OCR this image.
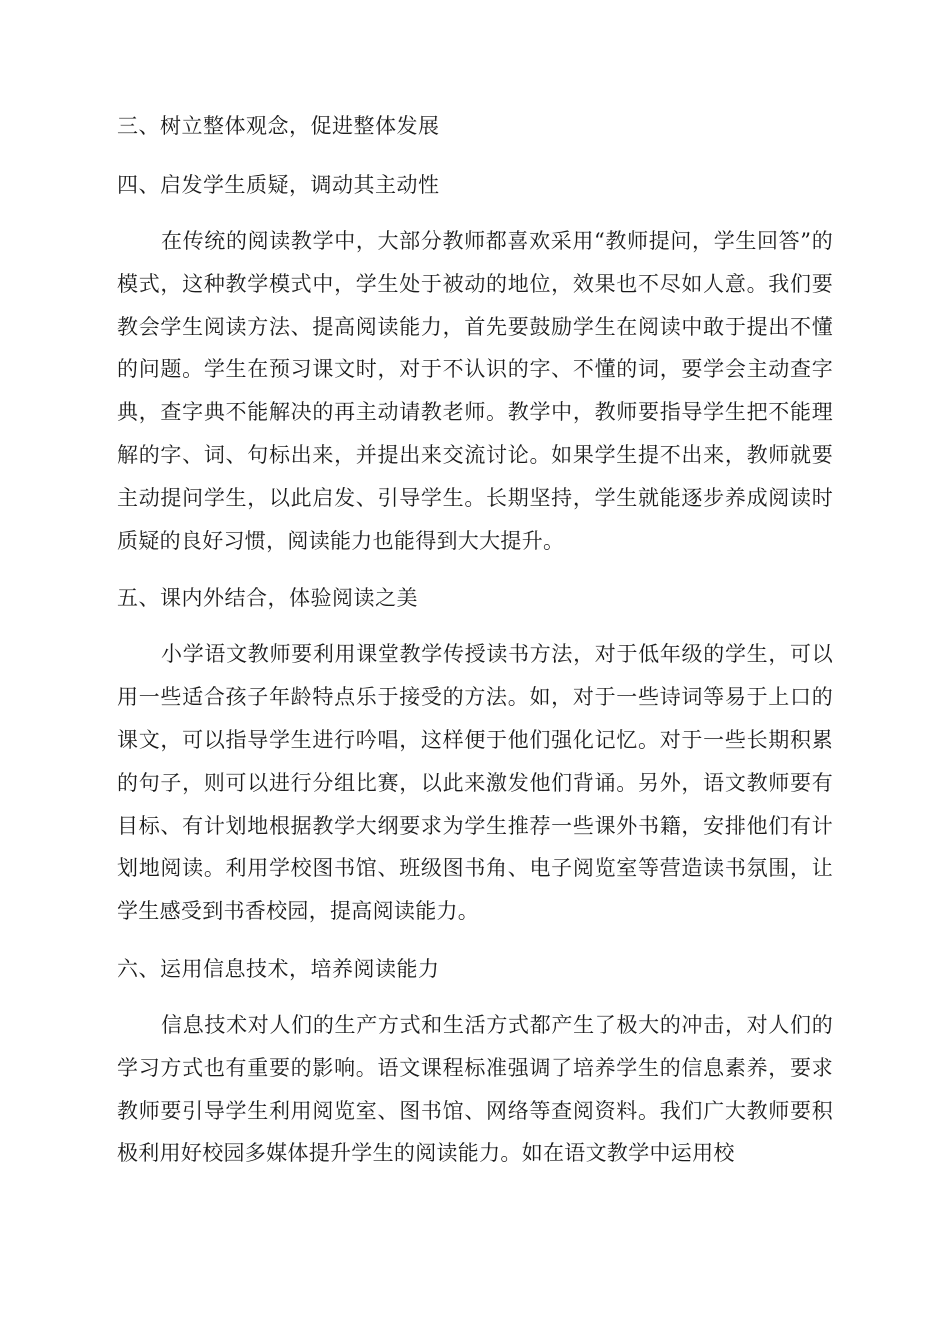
三、树立整体观念，促进整体发展

四、启发学生质疑，调动其主动性

在传统的阅读教学中，大部分教师都喜欢采用“教师提问，学生回答”的模式，这种教学模式中，学生处于被动的地位，效果也不尽如人意。我们要教会学生阅读方法、提高阅读能力，首先要鼓励学生在阅读中敢于提出不懂的问题。学生在预习课文时，对于不认识的字、不懂的词，要学会主动查字典，查字典不能解决的再主动请教老师。教学中，教师要指导学生把不能理解的字、词、句标出来，并提出来交流讨论。如果学生提不出来，教师就要主动提问学生，以此启发、引导学生。长期坚持，学生就能逐步养成阅读时质疑的良好习惯，阅读能力也能得到大大提升。

五、课内外结合，体验阅读之美

小学语文教师要利用课堂教学传授读书方法，对于低年级的学生，可以用一些适合孩子年龄特点乐于接受的方法。如，对于一些诗词等易于上口的课文，可以指导学生进行吟唱，这样便于他们强化记忆。对于一些长期积累的句子，则可以进行分组比赛，以此来激发他们背诵。另外，语文教师要有目标、有计划地根据教学大纲要求为学生推荐一些课外书籍，安排他们有计划地阅读。利用学校图书馆、班级图书角、电子阅览室等营造读书氛围，让学生感受到书香校园，提高阅读能力。

六、运用信息技术，培养阅读能力

信息技术对人们的生产方式和生活方式都产生了极大的冲击，对人们的学习方式也有重要的影响。语文课程标准强调了培养学生的信息素养，要求教师要引导学生利用阅览室、图书馆、网络等查阅资料。我们广大教师要积极利用好校园多媒体提升学生的阅读能力。如在语文教学中运用校
